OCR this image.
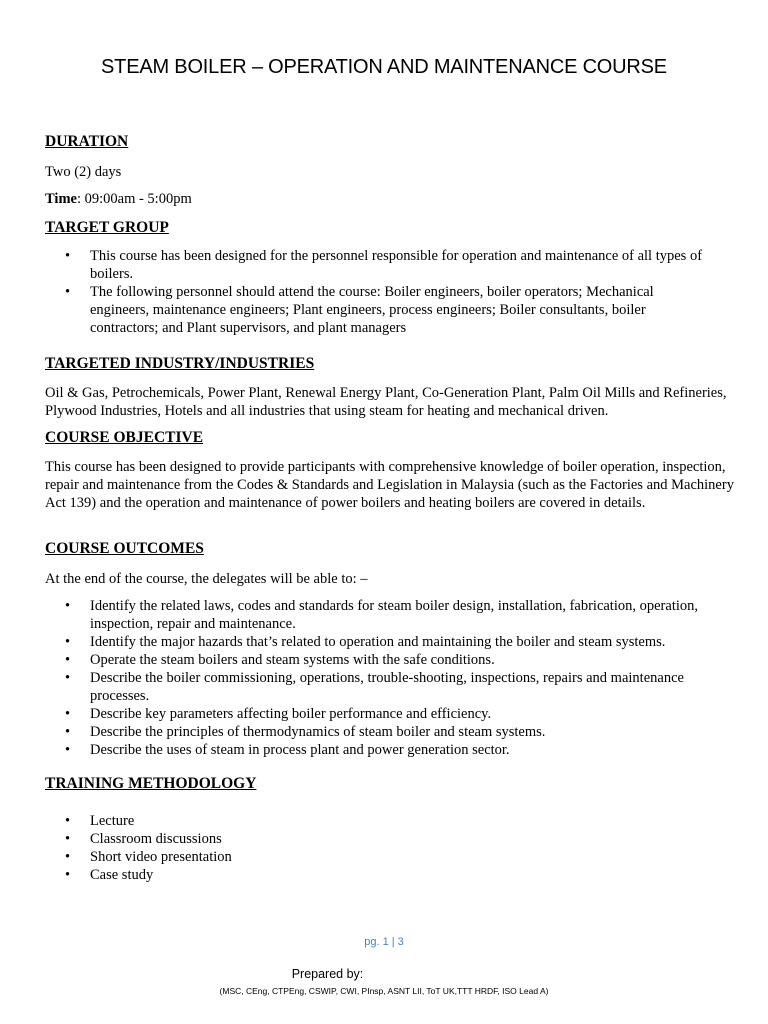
STEAM BOILER – OPERATION AND MAINTENANCE COURSE
DURATION
Two (2) days
Time: 09:00am - 5:00pm
TARGET GROUP
• This course has been designed for the personnel responsible for operation and maintenance of all types of boilers.
• The following personnel should attend the course: Boiler engineers, boiler operators; Mechanical engineers, maintenance engineers; Plant engineers, process engineers; Boiler consultants, boiler contractors; and Plant supervisors, and plant managers
TARGETED INDUSTRY/INDUSTRIES
Oil & Gas, Petrochemicals, Power Plant, Renewal Energy Plant, Co-Generation Plant, Palm Oil Mills and Refineries, Plywood Industries, Hotels and all industries that using steam for heating and mechanical driven.
COURSE OBJECTIVE
This course has been designed to provide participants with comprehensive knowledge of boiler operation, inspection, repair and maintenance from the Codes & Standards and Legislation in Malaysia (such as the Factories and Machinery Act 139) and the operation and maintenance of power boilers and heating boilers are covered in details.
COURSE OUTCOMES
At the end of the course, the delegates will be able to: –
• Identify the related laws, codes and standards for steam boiler design, installation, fabrication, operation, inspection, repair and maintenance.
• Identify the major hazards that’s related to operation and maintaining the boiler and steam systems.
• Operate the steam boilers and steam systems with the safe conditions.
• Describe the boiler commissioning, operations, trouble-shooting, inspections, repairs and maintenance processes.
• Describe key parameters affecting boiler performance and efficiency.
• Describe the principles of thermodynamics of steam boiler and steam systems.
• Describe the uses of steam in process plant and power generation sector.
TRAINING METHODOLOGY
• Lecture
• Classroom discussions
• Short video presentation
• Case study
pg. 1 | 3
Prepared by:
(MSC, CEng, CTPEng, CSWIP, CWI, PInsp, ASNT LII, ToT UK,TTT HRDF, ISO Lead A)
